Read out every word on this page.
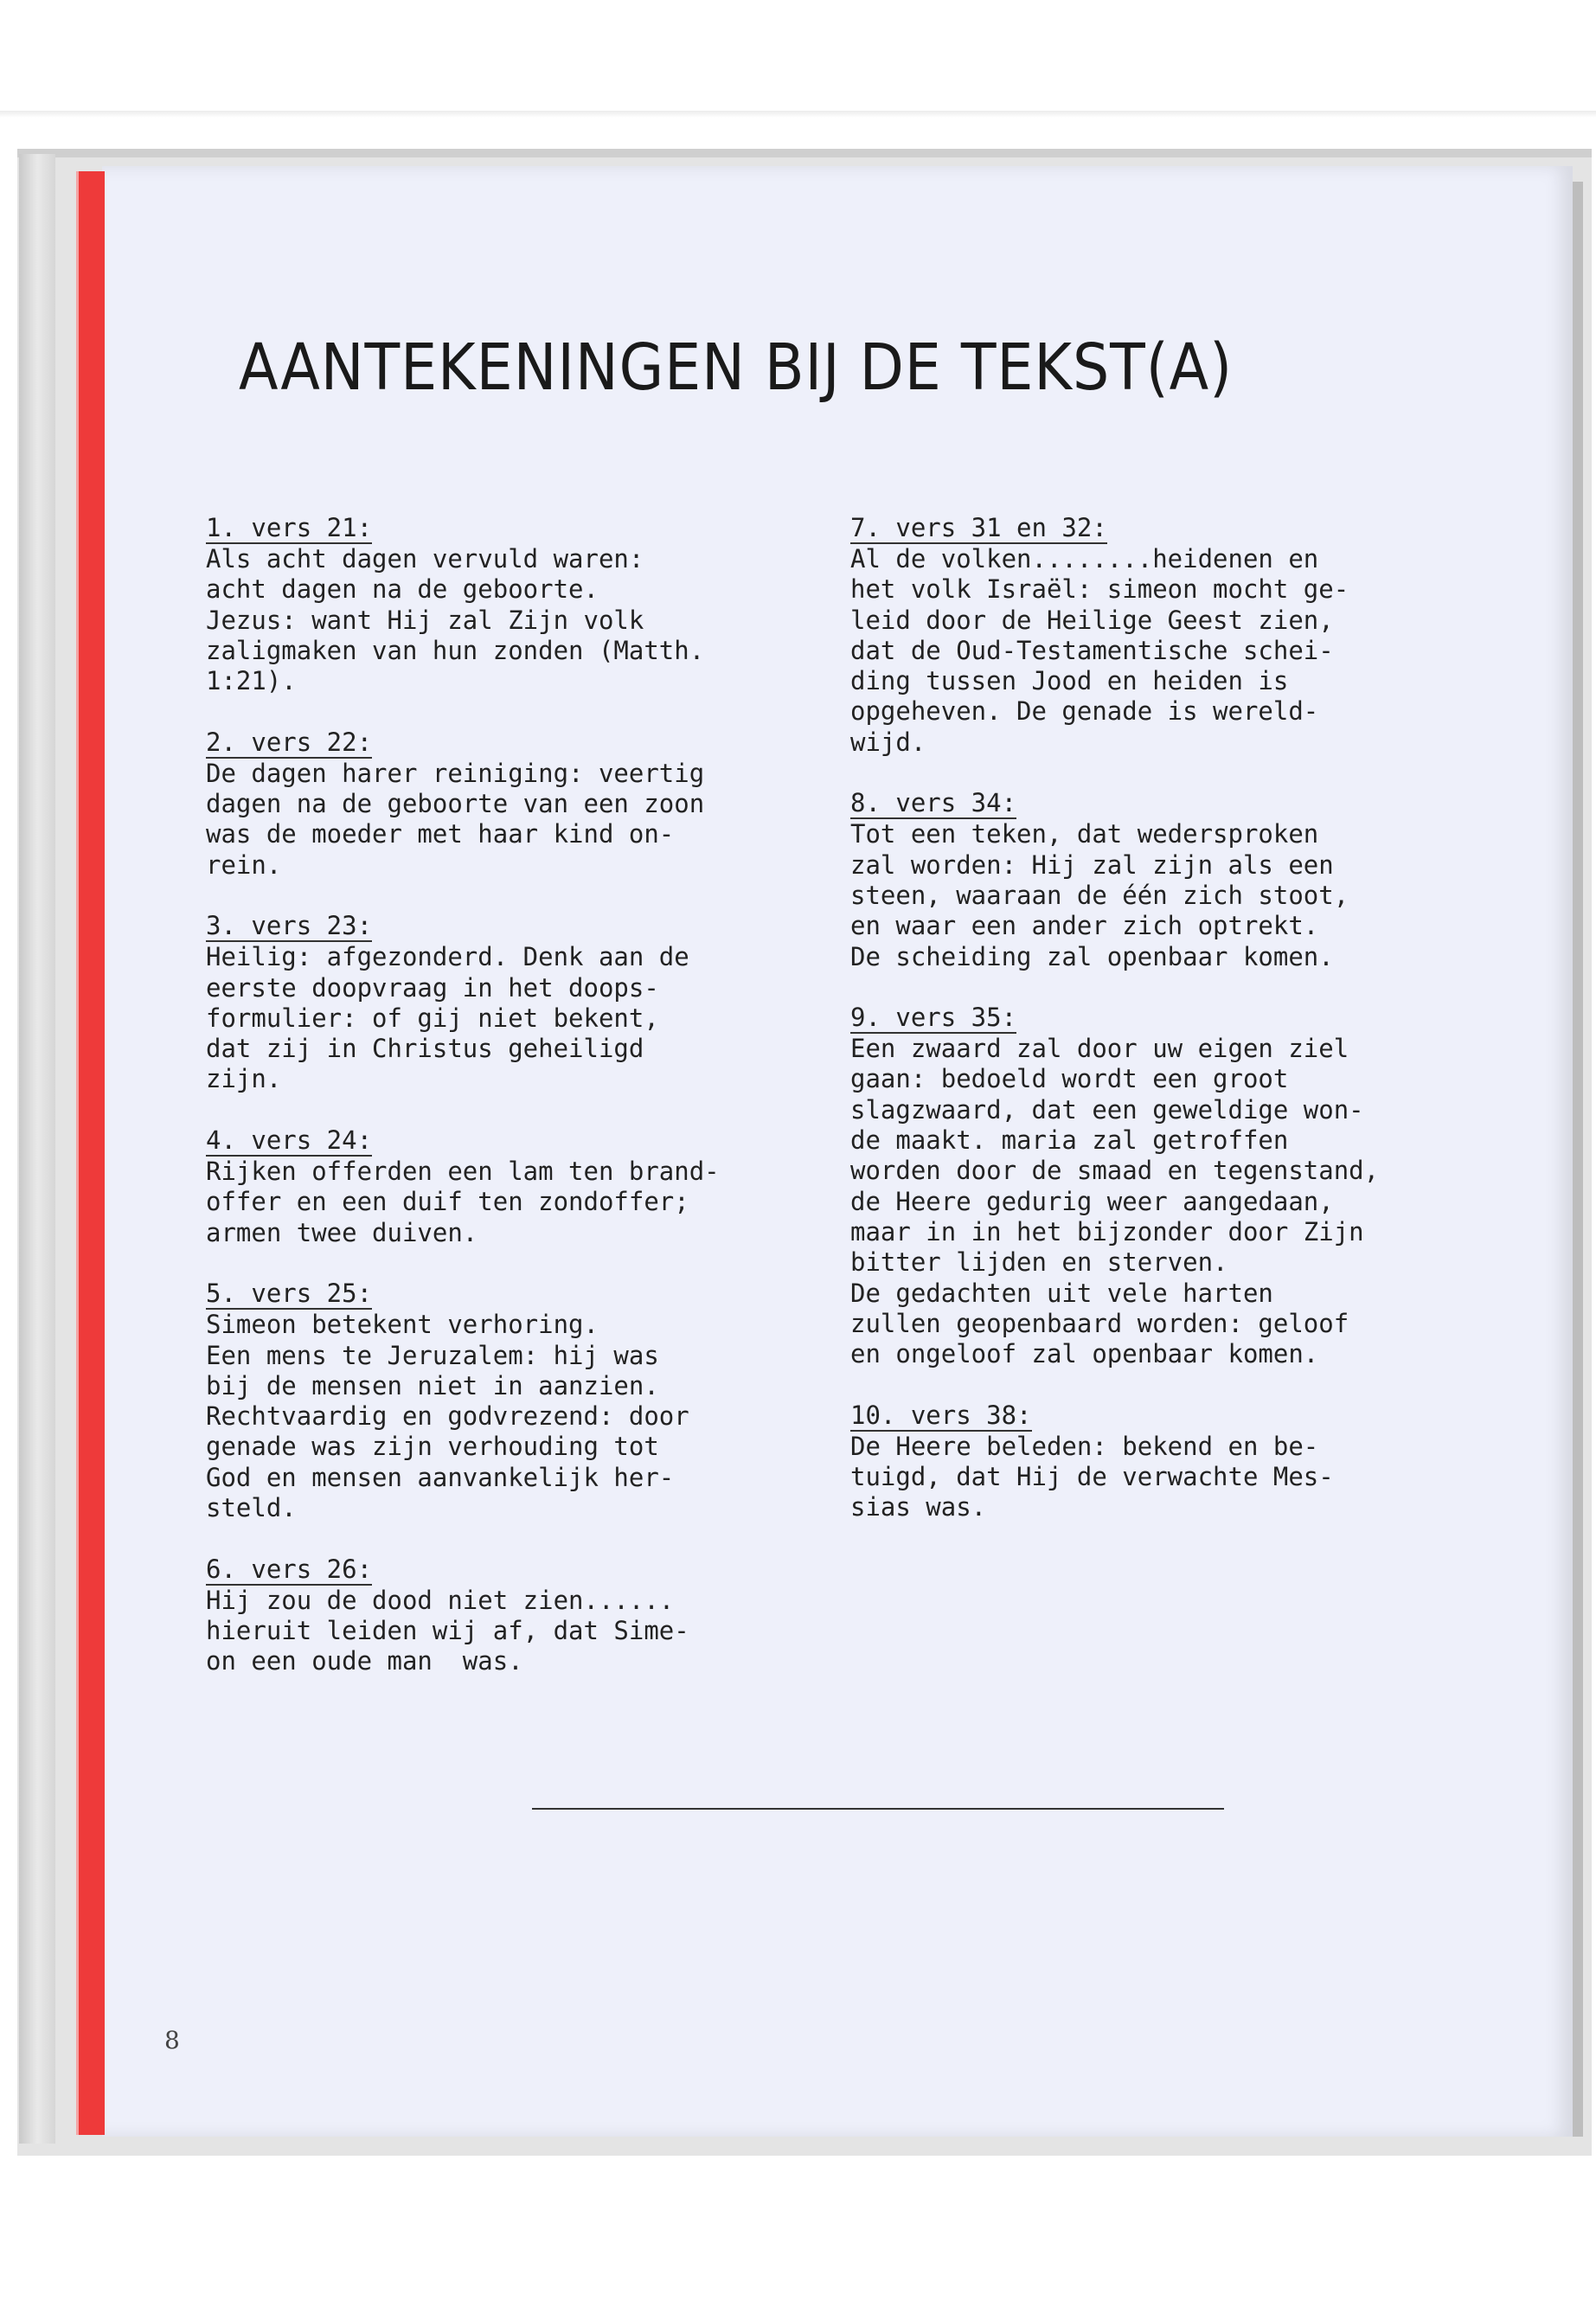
AANTEKENINGEN BIJ DE TEKST(A)
1. vers 21:
Als acht dagen vervuld waren:
acht dagen na de geboorte.
Jezus: want Hij zal Zijn volk
zaligmaken van hun zonden (Matth.
1:21).
2. vers 22:
De dagen harer reiniging: veertig
dagen na de geboorte van een zoon
was de moeder met haar kind on-
rein.
3. vers 23:
Heilig: afgezonderd. Denk aan de
eerste doopvraag in het doops-
formulier: of gij niet bekent,
dat zij in Christus geheiligd
zijn.
4. vers 24:
Rijken offerden een lam ten brand-
offer en een duif ten zondoffer;
armen twee duiven.
5. vers 25:
Simeon betekent verhoring.
Een mens te Jeruzalem: hij was
bij de mensen niet in aanzien.
Rechtvaardig en godvrezend: door
genade was zijn verhouding tot
God en mensen aanvankelijk her-
steld.
6. vers 26:
Hij zou de dood niet zien......
hieruit leiden wij af, dat Sime-
on een oude man  was.
7. vers 31 en 32:
Al de volken........heidenen en
het volk Israël: simeon mocht ge-
leid door de Heilige Geest zien,
dat de Oud-Testamentische schei-
ding tussen Jood en heiden is
opgeheven. De genade is wereld-
wijd.
8. vers 34:
Tot een teken, dat wedersproken
zal worden: Hij zal zijn als een
steen, waaraan de één zich stoot,
en waar een ander zich optrekt.
De scheiding zal openbaar komen.
9. vers 35:
Een zwaard zal door uw eigen ziel
gaan: bedoeld wordt een groot
slagzwaard, dat een geweldige won-
de maakt. maria zal getroffen
worden door de smaad en tegenstand,
de Heere gedurig weer aangedaan,
maar in in het bijzonder door Zijn
bitter lijden en sterven.
De gedachten uit vele harten
zullen geopenbaard worden: geloof
en ongeloof zal openbaar komen.
10. vers 38:
De Heere beleden: bekend en be-
tuigd, dat Hij de verwachte Mes-
sias was.
8
